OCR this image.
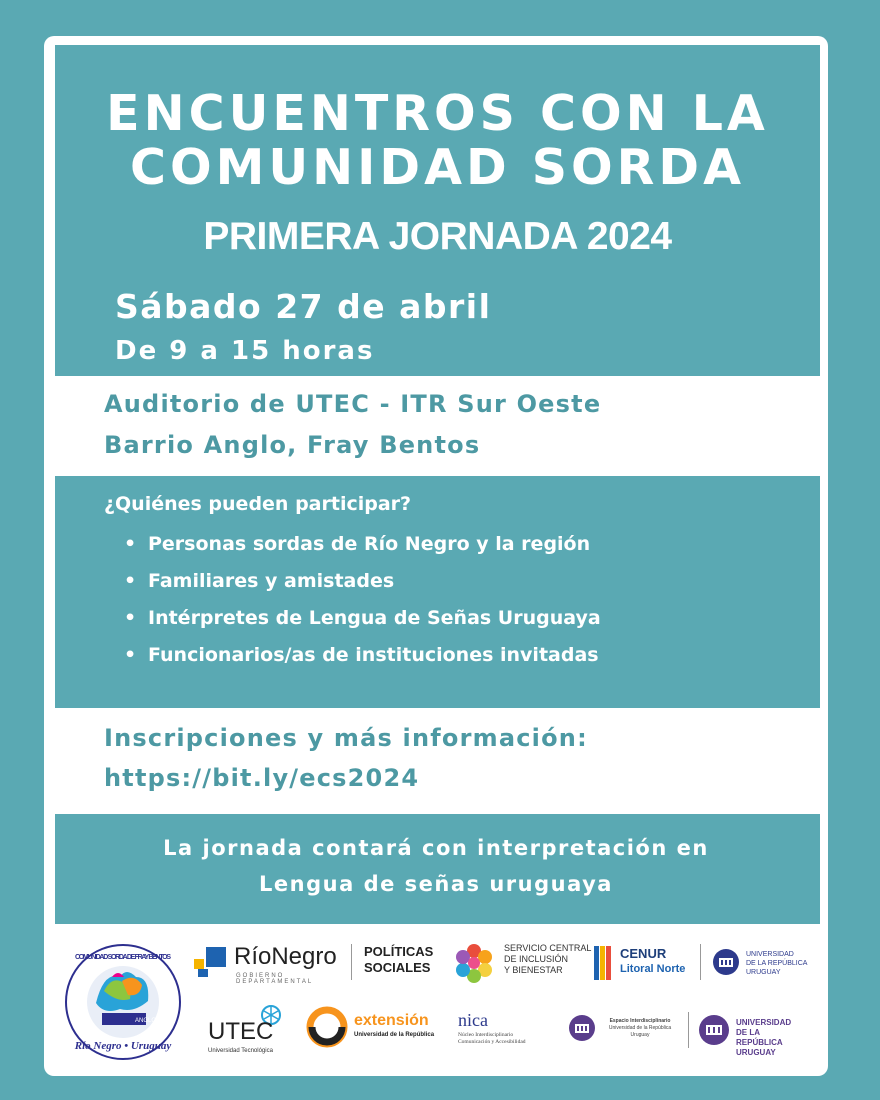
ENCUENTROS CON LA
COMUNIDAD SORDA
PRIMERA JORNADA 2024
Sábado 27 de abril
De 9 a 15 horas
Auditorio de UTEC - ITR Sur Oeste
Barrio Anglo, Fray Bentos
¿Quiénes pueden participar?
• Personas sordas de Río Negro y la región
• Familiares y amistades
• Intérpretes de Lengua de Señas Uruguaya
• Funcionarios/as de instituciones invitadas
Inscripciones y más información:
https://bit.ly/ecs2024
La jornada contará con interpretación en
Lengua de señas uruguaya
ANGLO
COMUNIDAD SORDA DE FRAY BENTOS
Río Negro • Uruguay
RíoNegro
GOBIERNO DEPARTAMENTAL
POLÍTICAS
SOCIALES
SERVICIO CENTRAL
DE INCLUSIÓN
Y BIENESTAR
CENUR
Litoral Norte
UNIVERSIDAD
DE LA REPÚBLICA
URUGUAY
UTEC
Universidad Tecnológica
extensión
Universidad de la República
nica
Núcleo Interdisciplinario
Comunicación y Accesibilidad
Espacio Interdisciplinario
Universidad de la República
Uruguay
UNIVERSIDAD
DE LA REPÚBLICA
URUGUAY
